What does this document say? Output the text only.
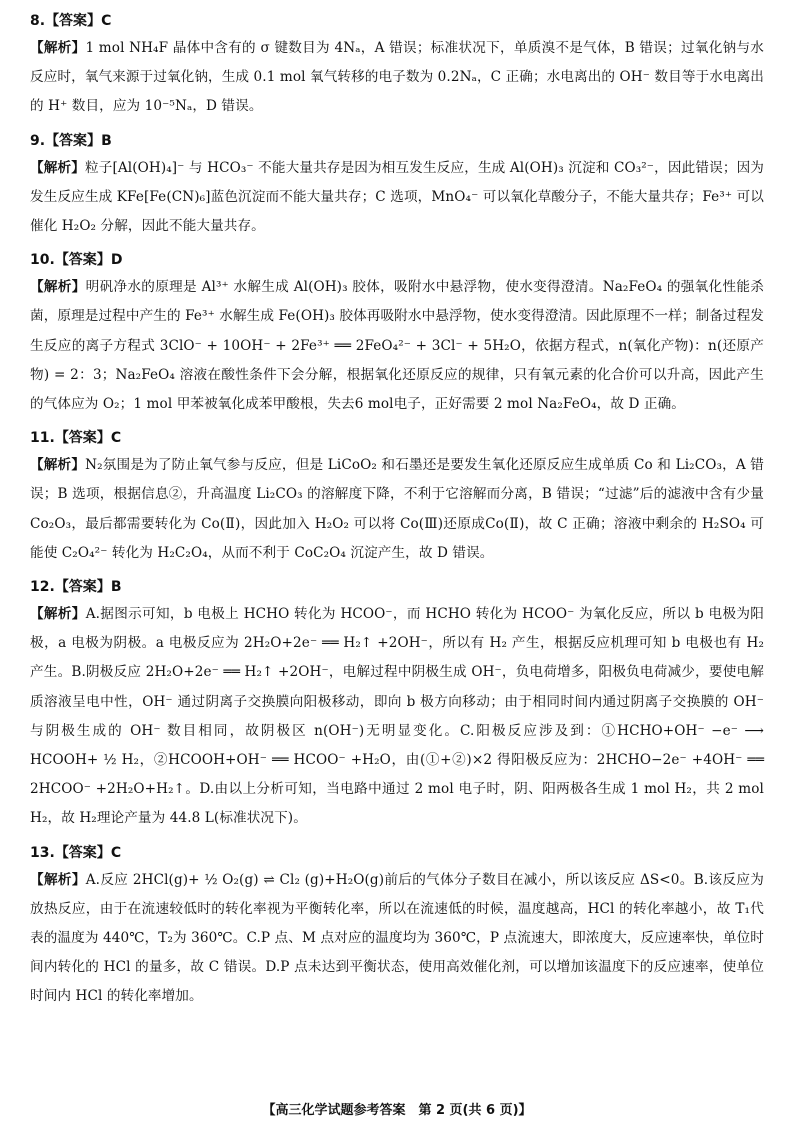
8.【答案】C

【解析】1 mol NH₄F 晶体中含有的 σ 键数目为 4Nₐ，A 错误；标准状况下，单质溴不是气体，B 错误；过氧化钠与水反应时，氧气来源于过氧化钠，生成 0.1 mol 氧气转移的电子数为 0.2Nₐ，C 正确；水电离出的 OH⁻ 数目等于水电离出的 H⁺ 数目，应为 10⁻⁵Nₐ，D 错误。

9.【答案】B

【解析】粒子[Al(OH)₄]⁻ 与 HCO₃⁻ 不能大量共存是因为相互发生反应，生成 Al(OH)₃ 沉淀和 CO₃²⁻，因此错误；因为发生反应生成 KFe[Fe(CN)₆]蓝色沉淀而不能大量共存；C 选项，MnO₄⁻ 可以氧化草酸分子，不能大量共存；Fe³⁺ 可以催化 H₂O₂ 分解，因此不能大量共存。

10.【答案】D

【解析】明矾净水的原理是 Al³⁺ 水解生成 Al(OH)₃ 胶体，吸附水中悬浮物，使水变得澄清。Na₂FeO₄ 的强氧化性能杀菌，原理是过程中产生的 Fe³⁺ 水解生成 Fe(OH)₃ 胶体再吸附水中悬浮物，使水变得澄清。因此原理不一样；制备过程发生反应的离子方程式 3ClO⁻ + 10OH⁻ + 2Fe³⁺ ══ 2FeO₄²⁻ + 3Cl⁻ + 5H₂O，依据方程式，n(氧化产物)：n(还原产物) = 2：3；Na₂FeO₄ 溶液在酸性条件下会分解，根据氧化还原反应的规律，只有氧元素的化合价可以升高，因此产生的气体应为 O₂；1 mol 甲苯被氧化成苯甲酸根，失去6 mol电子，正好需要 2 mol Na₂FeO₄，故 D 正确。

11.【答案】C

【解析】N₂氛围是为了防止氧气参与反应，但是 LiCoO₂ 和石墨还是要发生氧化还原反应生成单质 Co 和 Li₂CO₃，A 错误；B 选项，根据信息②，升高温度 Li₂CO₃ 的溶解度下降，不利于它溶解而分离，B 错误；“过滤”后的滤液中含有少量 Co₂O₃，最后都需要转化为 Co(Ⅱ)，因此加入 H₂O₂ 可以将 Co(Ⅲ)还原成Co(Ⅱ)，故 C 正确；溶液中剩余的 H₂SO₄ 可能使 C₂O₄²⁻ 转化为 H₂C₂O₄，从而不利于 CoC₂O₄ 沉淀产生，故 D 错误。

12.【答案】B

【解析】A.据图示可知，b 电极上 HCHO 转化为 HCOO⁻，而 HCHO 转化为 HCOO⁻ 为氧化反应，所以 b 电极为阳极，a 电极为阴极。a 电极反应为 2H₂O+2e⁻ ══ H₂↑ +2OH⁻，所以有 H₂ 产生，根据反应机理可知 b 电极也有 H₂ 产生。B.阴极反应 2H₂O+2e⁻ ══ H₂↑ +2OH⁻，电解过程中阴极生成 OH⁻，负电荷增多，阳极负电荷减少，要使电解质溶液呈电中性，OH⁻ 通过阴离子交换膜向阳极移动，即向 b 极方向移动；由于相同时间内通过阴离子交换膜的 OH⁻ 与阴极生成的 OH⁻ 数目相同，故阴极区 n(OH⁻)无明显变化。C.阳极反应涉及到：①HCHO+OH⁻ −e⁻ ⟶ HCOOH+ ½ H₂，②HCOOH+OH⁻ ══ HCOO⁻ +H₂O，由(①+②)×2 得阳极反应为：2HCHO−2e⁻ +4OH⁻ ══ 2HCOO⁻ +2H₂O+H₂↑。D.由以上分析可知，当电路中通过 2 mol 电子时，阴、阳两极各生成 1 mol H₂，共 2 mol H₂，故 H₂理论产量为 44.8 L(标准状况下)。

13.【答案】C

【解析】A.反应 2HCl(g)+ ½ O₂(g) ⇌ Cl₂ (g)+H₂O(g)前后的气体分子数目在减小，所以该反应 ΔS<0。B.该反应为放热反应，由于在流速较低时的转化率视为平衡转化率，所以在流速低的时候，温度越高，HCl 的转化率越小，故 T₁代表的温度为 440℃，T₂为 360℃。C.P 点、M 点对应的温度均为 360℃，P 点流速大，即浓度大，反应速率快，单位时间内转化的 HCl 的量多，故 C 错误。D.P 点未达到平衡状态，使用高效催化剂，可以增加该温度下的反应速率，使单位时间内 HCl 的转化率增加。

【高三化学试题参考答案　第 2 页(共 6 页)】
